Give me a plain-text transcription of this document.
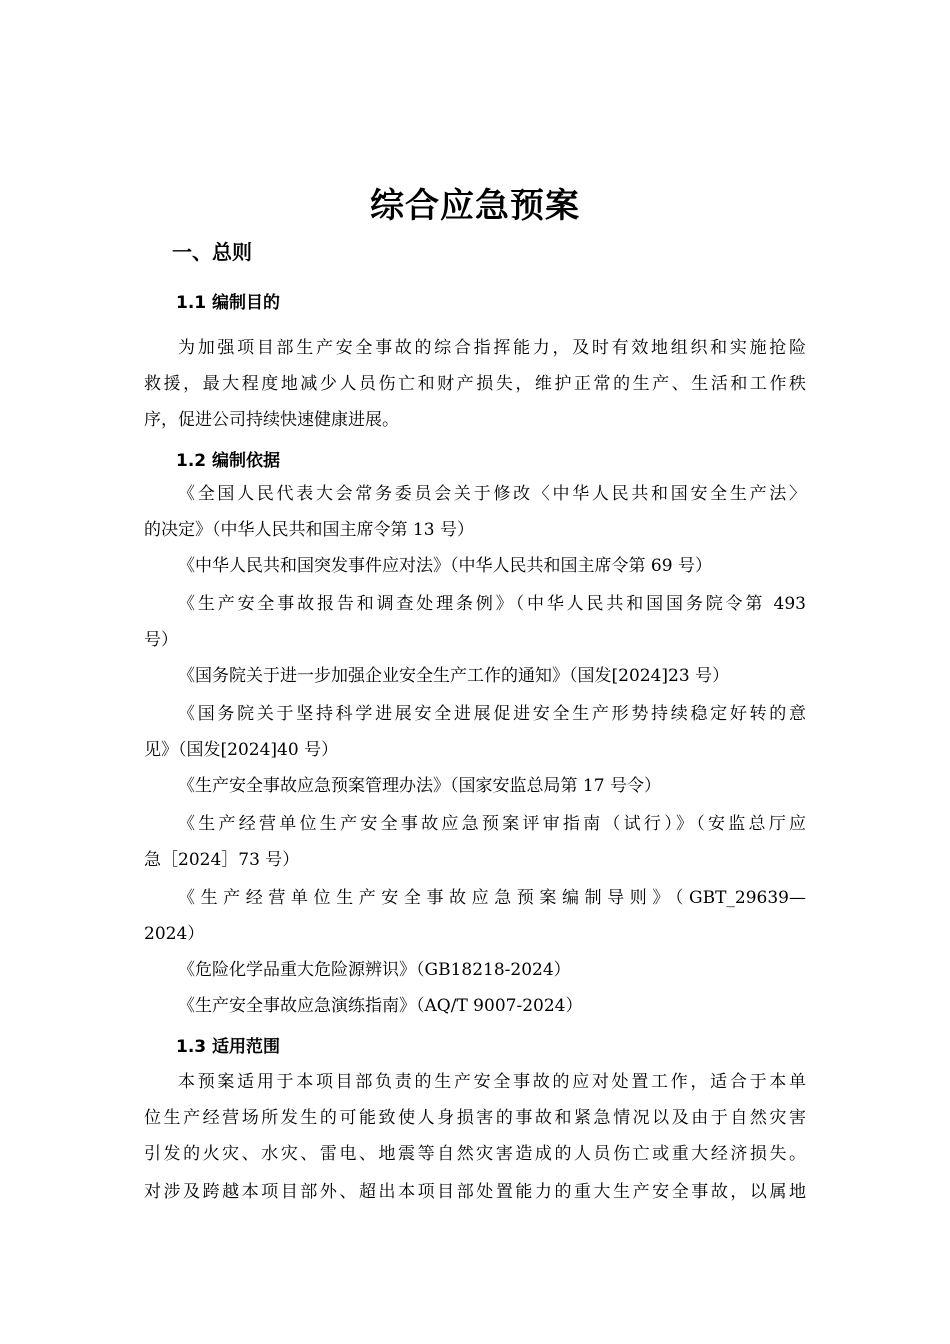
综合应急预案
一、总则
1.1 编制目的
为加强项目部生产安全事故的综合指挥能力，及时有效地组织和实施抢险
救援，最大程度地减少人员伤亡和财产损失，维护正常的生产、生活和工作秩
序，促进公司持续快速健康进展。
1.2 编制依据
《全国人民代表大会常务委员会关于修改〈中华人民共和国安全生产法〉
的决定》（中华人民共和国主席令第 13 号）
《中华人民共和国突发事件应对法》（中华人民共和国主席令第 69 号）
《生产安全事故报告和调查处理条例》（中华人民共和国国务院令第 493
号）
《国务院关于进一步加强企业安全生产工作的通知》（国发[2024]23 号）
《国务院关于坚持科学进展安全进展促进安全生产形势持续稳定好转的意
见》（国发[2024]40 号）
《生产安全事故应急预案管理办法》（国家安监总局第 17 号令）
《生产经营单位生产安全事故应急预案评审指南（试行）》（安监总厅应
急［2024］73 号）
《生产经营单位生产安全事故应急预案编制导则》（GBT_29639—
2024）
《危险化学品重大危险源辨识》（GB18218-2024）
《生产安全事故应急演练指南》（AQ/T 9007-2024）
1.3 适用范围
本预案适用于本项目部负责的生产安全事故的应对处置工作，适合于本单
位生产经营场所发生的可能致使人身损害的事故和紧急情况以及由于自然灾害
引发的火灾、水灾、雷电、地震等自然灾害造成的人员伤亡或重大经济损失。
对涉及跨越本项目部外、超出本项目部处置能力的重大生产安全事故，以属地
